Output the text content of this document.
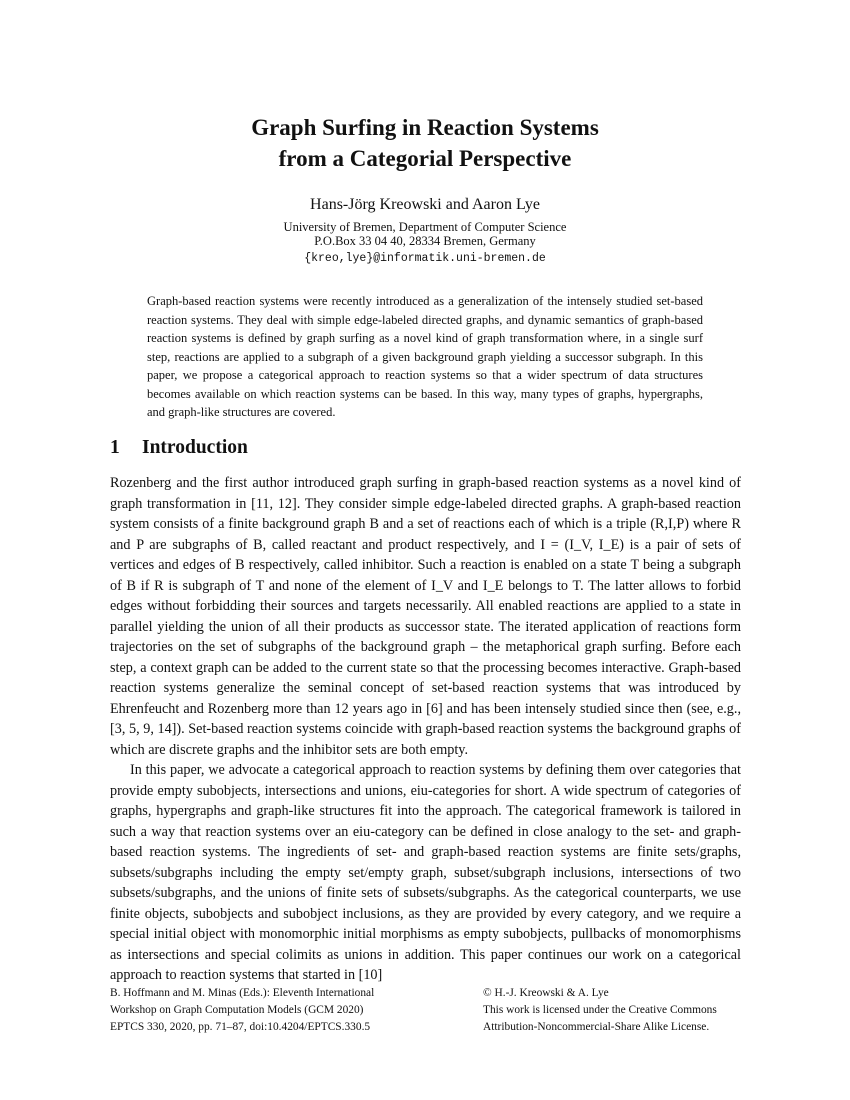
Graph Surfing in Reaction Systems
from a Categorial Perspective
Hans-Jörg Kreowski and Aaron Lye
University of Bremen, Department of Computer Science
P.O.Box 33 04 40, 28334 Bremen, Germany
{kreo,lye}@informatik.uni-bremen.de
Graph-based reaction systems were recently introduced as a generalization of the intensely studied set-based reaction systems. They deal with simple edge-labeled directed graphs, and dynamic semantics of graph-based reaction systems is defined by graph surfing as a novel kind of graph transformation where, in a single surf step, reactions are applied to a subgraph of a given background graph yielding a successor subgraph. In this paper, we propose a categorical approach to reaction systems so that a wider spectrum of data structures becomes available on which reaction systems can be based. In this way, many types of graphs, hypergraphs, and graph-like structures are covered.
1 Introduction

Rozenberg and the first author introduced graph surfing in graph-based reaction systems as a novel kind of graph transformation in [11, 12]. They consider simple edge-labeled directed graphs. A graph-based reaction system consists of a finite background graph B and a set of reactions each of which is a triple (R,I,P) where R and P are subgraphs of B, called reactant and product respectively, and I = (I_V, I_E) is a pair of sets of vertices and edges of B respectively, called inhibitor. Such a reaction is enabled on a state T being a subgraph of B if R is subgraph of T and none of the element of I_V and I_E belongs to T. The latter allows to forbid edges without forbidding their sources and targets necessarily. All enabled reactions are applied to a state in parallel yielding the union of all their products as successor state. The iterated application of reactions form trajectories on the set of subgraphs of the background graph – the metaphorical graph surfing. Before each step, a context graph can be added to the current state so that the processing becomes interactive. Graph-based reaction systems generalize the seminal concept of set-based reaction systems that was introduced by Ehrenfeucht and Rozenberg more than 12 years ago in [6] and has been intensely studied since then (see, e.g., [3, 5, 9, 14]). Set-based reaction systems coincide with graph-based reaction systems the background graphs of which are discrete graphs and the inhibitor sets are both empty.

In this paper, we advocate a categorical approach to reaction systems by defining them over categories that provide empty subobjects, intersections and unions, eiu-categories for short. A wide spectrum of categories of graphs, hypergraphs and graph-like structures fit into the approach. The categorical framework is tailored in such a way that reaction systems over an eiu-category can be defined in close analogy to the set- and graph-based reaction systems. The ingredients of set- and graph-based reaction systems are finite sets/graphs, subsets/subgraphs including the empty set/empty graph, subset/subgraph inclusions, intersections of two subsets/subgraphs, and the unions of finite sets of subsets/subgraphs. As the categorical counterparts, we use finite objects, subobjects and subobject inclusions, as they are provided by every category, and we require a special initial object with monomorphic initial morphisms as empty subobjects, pullbacks of monomorphisms as intersections and special colimits as unions in addition. This paper continues our work on a categorical approach to reaction systems that started in [10]

B. Hoffmann and M. Minas (Eds.): Eleventh International
Workshop on Graph Computation Models (GCM 2020)
EPTCS 330, 2020, pp. 71–87, doi:10.4204/EPTCS.330.5
© H.-J. Kreowski & A. Lye
This work is licensed under the Creative Commons
Attribution-Noncommercial-Share Alike License.
